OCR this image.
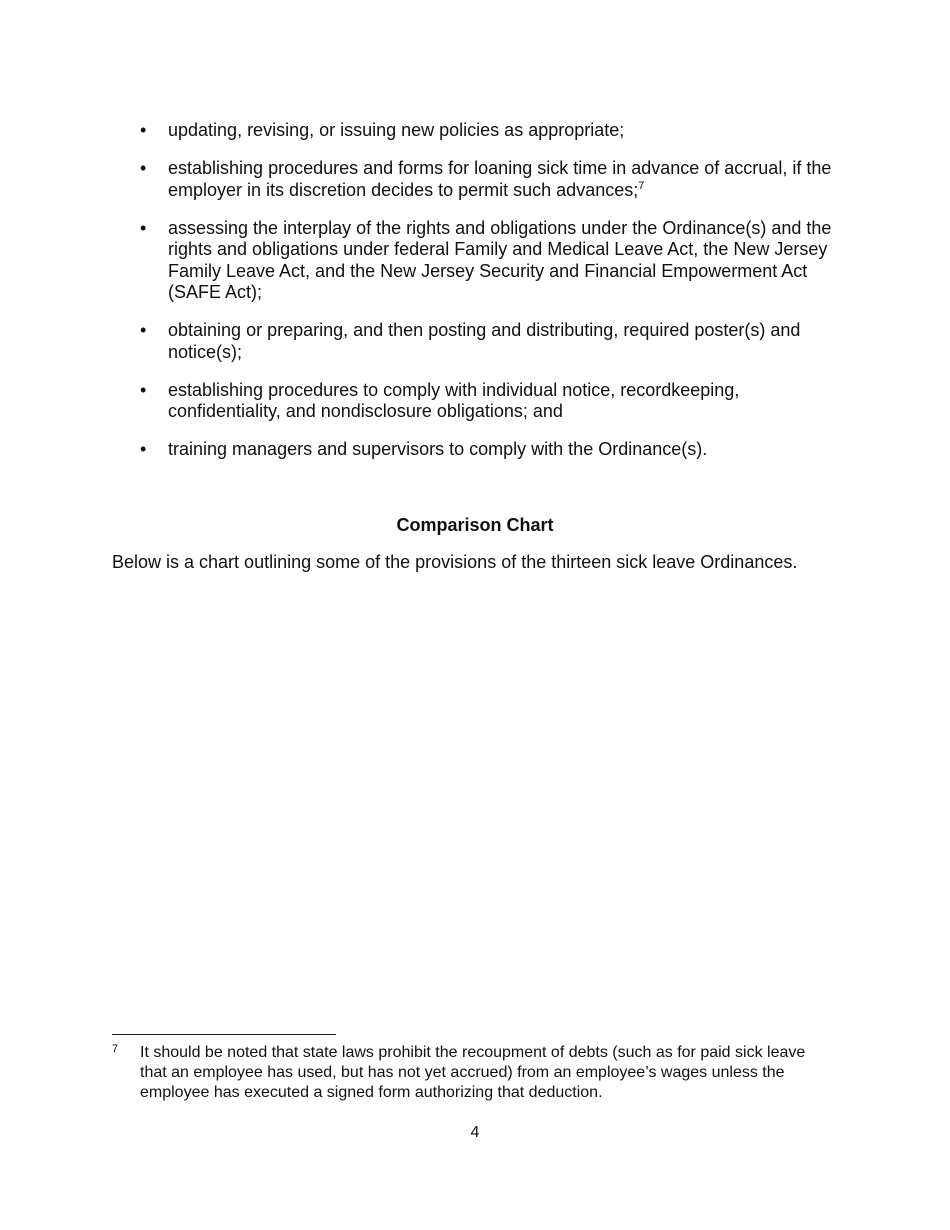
• updating, revising, or issuing new policies as appropriate;
• establishing procedures and forms for loaning sick time in advance of accrual, if the employer in its discretion decides to permit such advances;$^7$
• assessing the interplay of the rights and obligations under the Ordinance(s) and the rights and obligations under federal Family and Medical Leave Act, the New Jersey Family Leave Act, and the New Jersey Security and Financial Empowerment Act (SAFE Act);
• obtaining or preparing, and then posting and distributing, required poster(s) and notice(s);
• establishing procedures to comply with individual notice, recordkeeping, confidentiality, and nondisclosure obligations; and
• training managers and supervisors to comply with the Ordinance(s).
Comparison Chart
Below is a chart outlining some of the provisions of the thirteen sick leave Ordinances.
7	It should be noted that state laws prohibit the recoupment of debts (such as for paid sick leave that an employee has used, but has not yet accrued) from an employee’s wages unless the employee has executed a signed form authorizing that deduction.
4
